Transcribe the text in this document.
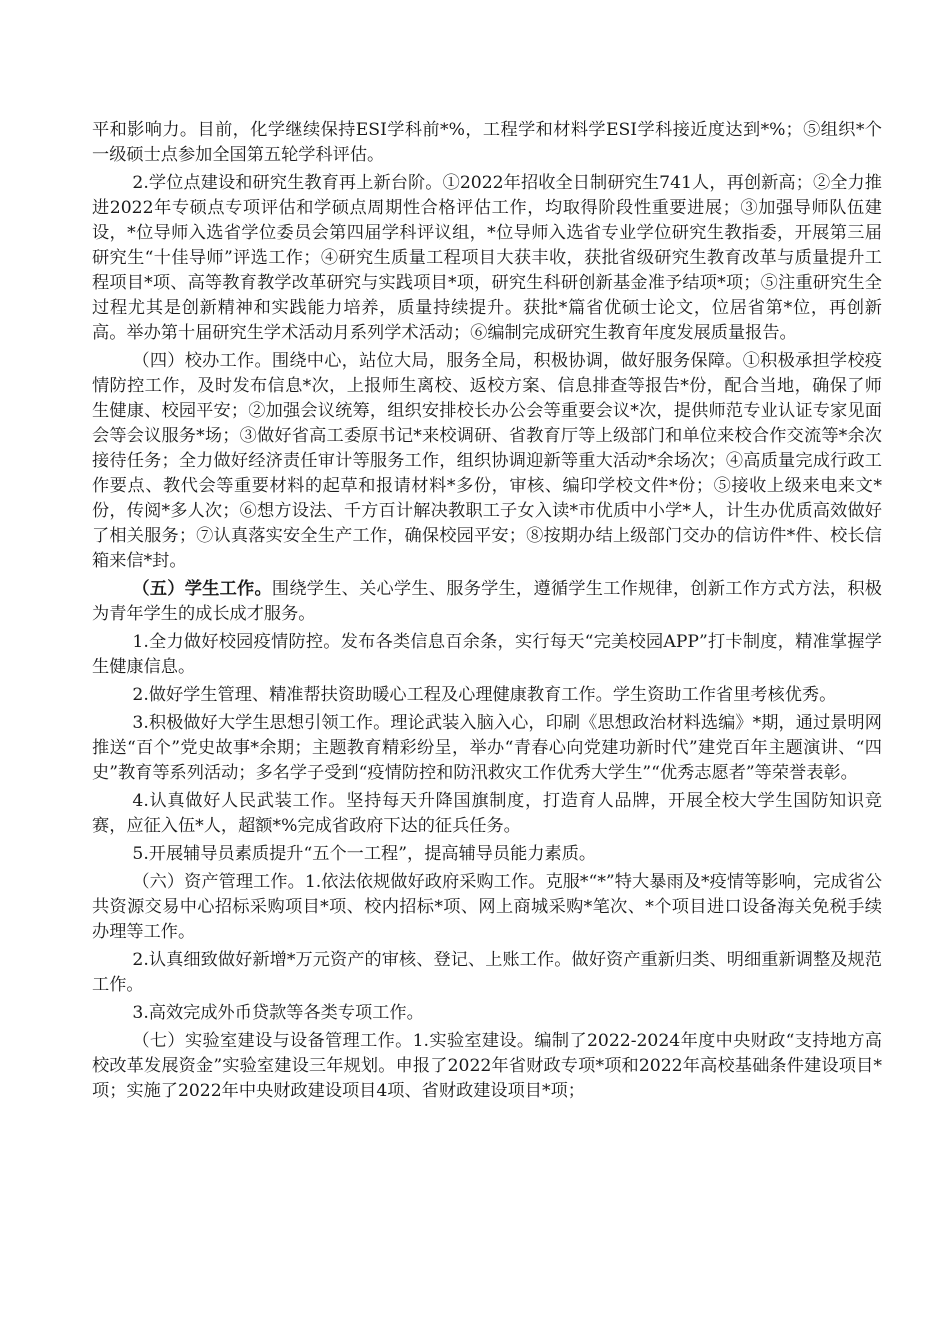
平和影响力。目前，化学继续保持ESI学科前*%，工程学和材料学ESI学科接近度达到*%；⑤组织*个一级硕士点参加全国第五轮学科评估。

2.学位点建设和研究生教育再上新台阶。①2022年招收全日制研究生741人，再创新高；②全力推进2022年专硕点专项评估和学硕点周期性合格评估工作，均取得阶段性重要进展；③加强导师队伍建设，*位导师入选省学位委员会第四届学科评议组，*位导师入选省专业学位研究生教指委，开展第三届研究生“十佳导师”评选工作；④研究生质量工程项目大获丰收，获批省级研究生教育改革与质量提升工程项目*项、高等教育教学改革研究与实践项目*项，研究生科研创新基金准予结项*项；⑤注重研究生全过程尤其是创新精神和实践能力培养，质量持续提升。获批*篇省优硕士论文，位居省第*位，再创新高。举办第十届研究生学术活动月系列学术活动；⑥编制完成研究生教育年度发展质量报告。

（四）校办工作。围绕中心，站位大局，服务全局，积极协调，做好服务保障。①积极承担学校疫情防控工作，及时发布信息*次，上报师生离校、返校方案、信息排查等报告*份，配合当地，确保了师生健康、校园平安；②加强会议统筹，组织安排校长办公会等重要会议*次，提供师范专业认证专家见面会等会议服务*场；③做好省高工委原书记*来校调研、省教育厅等上级部门和单位来校合作交流等*余次接待任务；全力做好经济责任审计等服务工作，组织协调迎新等重大活动*余场次；④高质量完成行政工作要点、教代会等重要材料的起草和报请材料*多份，审核、编印学校文件*份；⑤接收上级来电来文*份，传阅*多人次；⑥想方设法、千方百计解决教职工子女入读*市优质中小学*人，计生办优质高效做好了相关服务；⑦认真落实安全生产工作，确保校园平安；⑧按期办结上级部门交办的信访件*件、校长信箱来信*封。

（五）学生工作。围绕学生、关心学生、服务学生，遵循学生工作规律，创新工作方式方法，积极为青年学生的成长成才服务。

1.全力做好校园疫情防控。发布各类信息百余条，实行每天“完美校园APP”打卡制度，精准掌握学生健康信息。

2.做好学生管理、精准帮扶资助暖心工程及心理健康教育工作。学生资助工作省里考核优秀。

3.积极做好大学生思想引领工作。理论武装入脑入心，印刷《思想政治材料选编》*期，通过景明网推送“百个”党史故事*余期；主题教育精彩纷呈，举办“青春心向党建功新时代”建党百年主题演讲、“四史”教育等系列活动；多名学子受到“疫情防控和防汛救灾工作优秀大学生”“优秀志愿者”等荣誉表彰。

4.认真做好人民武装工作。坚持每天升降国旗制度，打造育人品牌，开展全校大学生国防知识竞赛，应征入伍*人，超额*%完成省政府下达的征兵任务。

5.开展辅导员素质提升“五个一工程”，提高辅导员能力素质。

（六）资产管理工作。1.依法依规做好政府采购工作。克服*“*”特大暴雨及*疫情等影响，完成省公共资源交易中心招标采购项目*项、校内招标*项、网上商城采购*笔次、*个项目进口设备海关免税手续办理等工作。

2.认真细致做好新增*万元资产的审核、登记、上账工作。做好资产重新归类、明细重新调整及规范工作。

3.高效完成外币贷款等各类专项工作。

（七）实验室建设与设备管理工作。1.实验室建设。编制了2022-2024年度中央财政“支持地方高校改革发展资金”实验室建设三年规划。申报了2022年省财政专项*项和2022年高校基础条件建设项目*项；实施了2022年中央财政建设项目4项、省财政建设项目*项；
